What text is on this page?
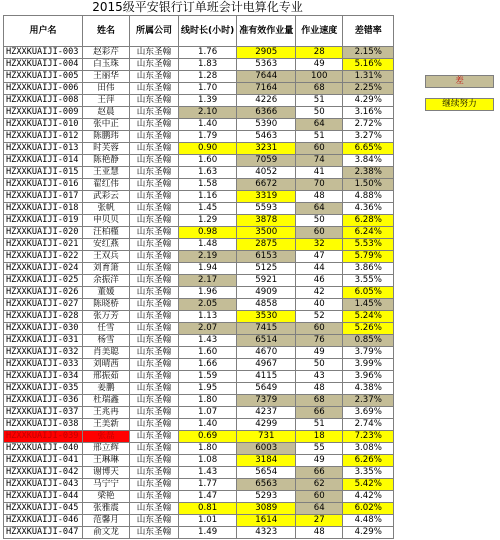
2015级平安银行订单班会计电算化专业
用户名	姓名	所属公司	线时长(小时)	准有效作业量	作业速度	差错率
HZXXKUAIJI-003	赵彩芹	山东圣翰	1.76	2905	28	2.15%
HZXXKUAIJI-004	白玉珠	山东圣翰	1.83	5363	49	5.16%
HZXXKUAIJI-005	王丽华	山东圣翰	1.28	7644	100	1.31%
HZXXKUAIJI-006	田伟	山东圣翰	1.70	7164	68	2.25%
HZXXKUAIJI-008	王萍	山东圣翰	1.39	4226	51	4.29%
HZXXKUAIJI-009	赵晨	山东圣翰	2.10	6366	50	3.16%
HZXXKUAIJI-010	张中正	山东圣翰	1.40	5390	64	2.72%
HZXXKUAIJI-012	陈鹏玮	山东圣翰	1.79	5463	51	3.27%
HZXXKUAIJI-013	时芙蓉	山东圣翰	0.90	3231	60	6.65%
HZXXKUAIJI-014	陈艳静	山东圣翰	1.60	7059	74	3.84%
HZXXKUAIJI-015	王亚慧	山东圣翰	1.63	4052	41	2.38%
HZXXKUAIJI-016	翟红伟	山东圣翰	1.58	6672	70	1.50%
HZXXKUAIJI-017	武彩云	山东圣翰	1.16	3319	48	4.88%
HZXXKUAIJI-018	张帆	山东圣翰	1.45	5593	64	4.36%
HZXXKUAIJI-019	申贝贝	山东圣翰	1.29	3878	50	6.28%
HZXXKUAIJI-020	汪柏槿	山东圣翰	0.98	3500	60	6.24%
HZXXKUAIJI-021	安红燕	山东圣翰	1.48	2875	32	5.53%
HZXXKUAIJI-022	王双兵	山东圣翰	2.19	6153	47	5.79%
HZXXKUAIJI-024	刘育箫	山东圣翰	1.94	5125	44	3.86%
HZXXKUAIJI-025	余振洋	山东圣翰	2.17	5921	46	3.55%
HZXXKUAIJI-026	董媛	山东圣翰	1.96	4909	42	6.05%
HZXXKUAIJI-027	陈晓桥	山东圣翰	2.05	4858	40	1.45%
HZXXKUAIJI-028	张万芳	山东圣翰	1.13	3530	52	5.24%
HZXXKUAIJI-030	任雪	山东圣翰	2.07	7415	60	5.26%
HZXXKUAIJI-031	杨雪	山东圣翰	1.43	6514	76	0.85%
HZXXKUAIJI-032	肖美聪	山东圣翰	1.60	4670	49	3.79%
HZXXKUAIJI-033	刘晴茜	山东圣翰	1.66	4967	50	3.99%
HZXXKUAIJI-034	邢振茹	山东圣翰	1.59	4115	43	3.96%
HZXXKUAIJI-035	姜鹏	山东圣翰	1.95	5649	48	4.38%
HZXXKUAIJI-036	杜瑞鑫	山东圣翰	1.80	7379	68	2.37%
HZXXKUAIJI-037	王兆冉	山东圣翰	1.07	4237	66	3.69%
HZXXKUAIJI-038	王美新	山东圣翰	1.40	4299	51	2.74%
HZXXKUAIJI-039	张磊	山东圣翰	0.69	731	18	7.23%
HZXXKUAIJI-040	邢立辉	山东圣翰	1.80	6003	55	3.08%
HZXXKUAIJI-041	王琳琳	山东圣翰	1.08	3184	49	6.26%
HZXXKUAIJI-042	谢博天	山东圣翰	1.43	5654	66	3.35%
HZXXKUAIJI-043	马宁宁	山东圣翰	1.77	6563	62	5.42%
HZXXKUAIJI-044	梁艳	山东圣翰	1.47	5293	60	4.42%
HZXXKUAIJI-045	张雅震	山东圣翰	0.81	3089	64	6.02%
HZXXKUAIJI-046	范馨月	山东圣翰	1.01	1614	27	4.48%
HZXXKUAIJI-047	俞文龙	山东圣翰	1.49	4323	48	4.29%
差
继续努力
